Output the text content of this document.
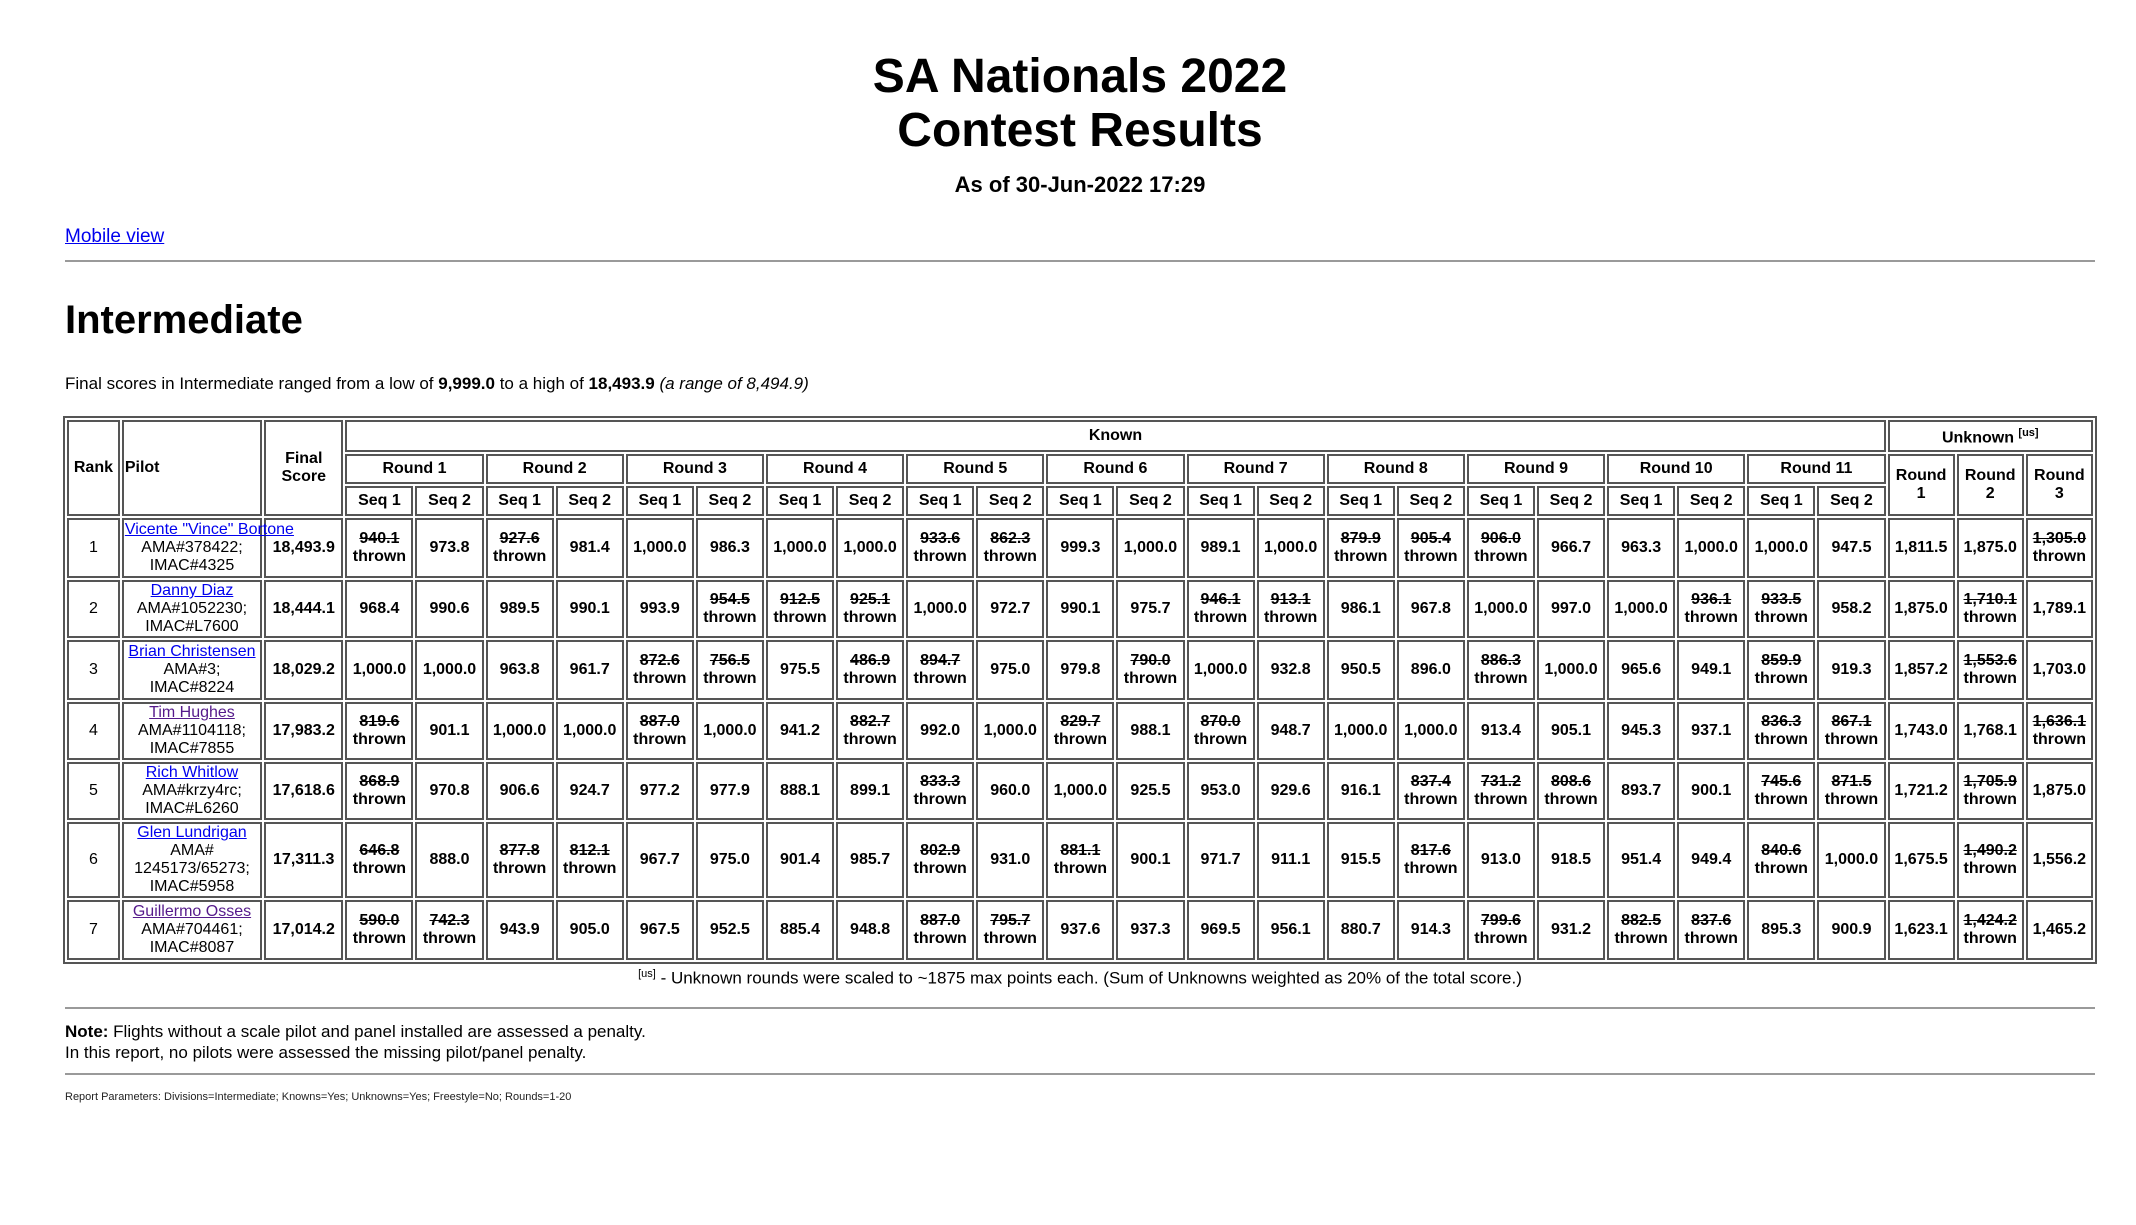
SA Nationals 2022
Contest Results
As of 30-Jun-2022 17:29
Mobile view
Intermediate
Final scores in Intermediate ranged from a low of 9,999.0 to a high of 18,493.9 (a range of 8,494.9)
Rank	Pilot	Final Score	Known																						Unknown [us]
			Round 1		Round 2		Round 3		Round 4		Round 5		Round 6		Round 7		Round 8		Round 9		Round 10		Round 11		Round 1	Round 2	Round 3
			Seq 1	Seq 2	Seq 1	Seq 2	Seq 1	Seq 2	Seq 1	Seq 2	Seq 1	Seq 2	Seq 1	Seq 2	Seq 1	Seq 2	Seq 1	Seq 2	Seq 1	Seq 2	Seq 1	Seq 2	Seq 1	Seq 2			
1	Vicente "Vince" Bortone
AMA#378422;
IMAC#4325	18,493.9	940.1
thrown	973.8	927.6
thrown	981.4	1,000.0	986.3	1,000.0	1,000.0	933.6
thrown	862.3
thrown	999.3	1,000.0	989.1	1,000.0	879.9
thrown	905.4
thrown	906.0
thrown	966.7	963.3	1,000.0	1,000.0	947.5	1,811.5	1,875.0	1,305.0
thrown

2	Danny Diaz
AMA#1052230;
IMAC#L7600	18,444.1	968.4	990.6	989.5	990.1	993.9	954.5
thrown	912.5
thrown	925.1
thrown	1,000.0	972.7	990.1	975.7	946.1
thrown	913.1
thrown	986.1	967.8	1,000.0	997.0	1,000.0	936.1
thrown	933.5
thrown	958.2	1,875.0	1,710.1
thrown	1,789.1
3	Brian Christensen
AMA#3;
IMAC#8224	18,029.2	1,000.0	1,000.0	963.8	961.7	872.6
thrown	756.5
thrown	975.5	486.9
thrown	894.7
thrown	975.0	979.8	790.0
thrown	1,000.0	932.8	950.5	896.0	886.3
thrown	1,000.0	965.6	949.1	859.9
thrown	919.3	1,857.2	1,553.6
thrown	1,703.0
4	Tim Hughes
AMA#1104118;
IMAC#7855	17,983.2	819.6
thrown	901.1	1,000.0	1,000.0	887.0
thrown	1,000.0	941.2	882.7
thrown	992.0	1,000.0	829.7
thrown	988.1	870.0
thrown	948.7	1,000.0	1,000.0	913.4	905.1	945.3	937.1	836.3
thrown	867.1
thrown	1,743.0	1,768.1	1,636.1
thrown

5	Rich Whitlow
AMA#krzy4rc;
IMAC#L6260	17,618.6	868.9
thrown	970.8	906.6	924.7	977.2	977.9	888.1	899.1	833.3
thrown	960.0	1,000.0	925.5	953.0	929.6	916.1	837.4
thrown	731.2
thrown	808.6
thrown	893.7	900.1	745.6
thrown	871.5
thrown	1,721.2	1,705.9
thrown	1,875.0
6	Glen Lundrigan
AMA#
1245173/65273;
IMAC#5958	17,311.3	646.8
thrown	888.0	877.8
thrown	812.1
thrown	967.7	975.0	901.4	985.7	802.9
thrown	931.0	881.1
thrown	900.1	971.7	911.1	915.5	817.6
thrown	913.0	918.5	951.4	949.4	840.6
thrown	1,000.0	1,675.5	1,490.2
thrown	1,556.2
7	Guillermo Osses
AMA#704461;
IMAC#8087	17,014.2	590.0
thrown	742.3
thrown	943.9	905.0	967.5	952.5	885.4	948.8	887.0
thrown	795.7
thrown	937.6	937.3	969.5	956.1	880.7	914.3	799.6
thrown	931.2	882.5
thrown	837.6
thrown	895.3	900.9	1,623.1	1,424.2
thrown	1,465.2
[us] - Unknown rounds were scaled to ~1875 max points each. (Sum of Unknowns weighted as 20% of the total score.)
Note: Flights without a scale pilot and panel installed are assessed a penalty.
In this report, no pilots were assessed the missing pilot/panel penalty.
Report Parameters: Divisions=Intermediate; Knowns=Yes; Unknowns=Yes; Freestyle=No; Rounds=1-20
